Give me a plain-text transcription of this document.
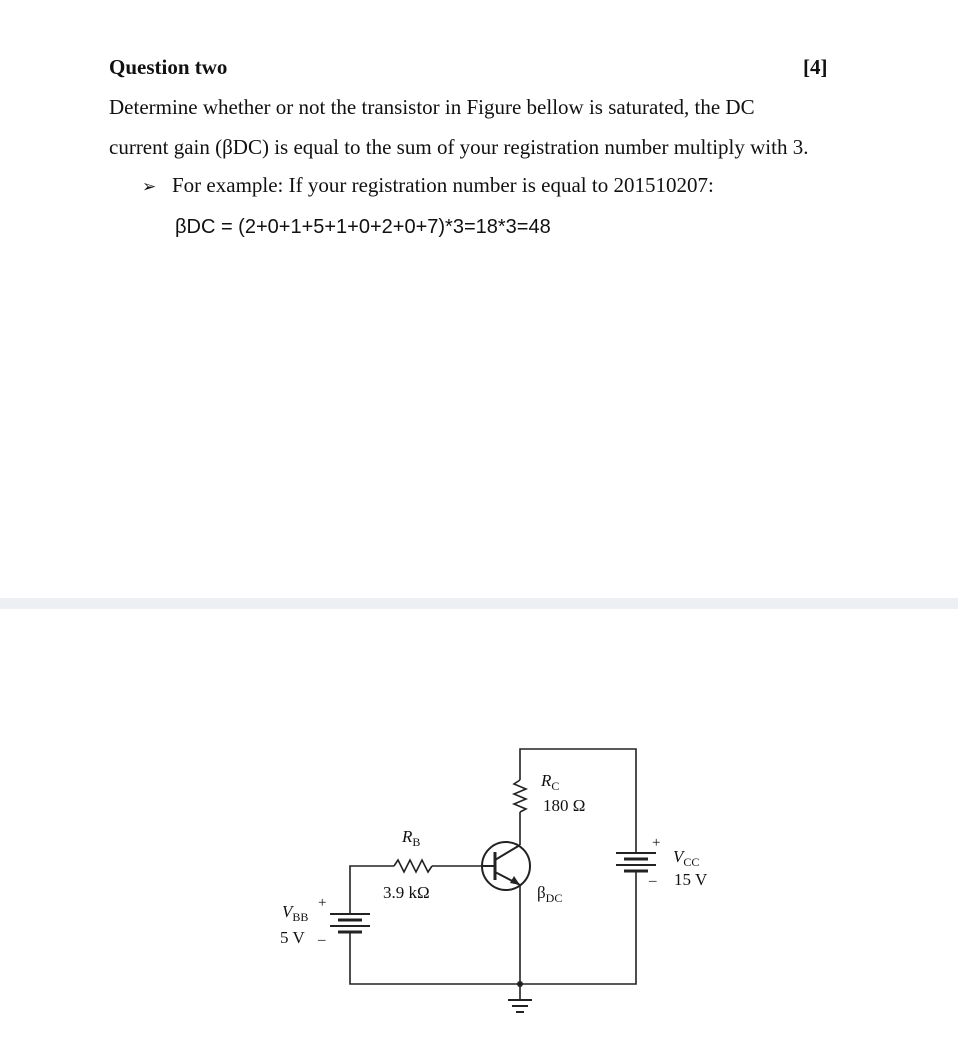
Question two	[4]
Determine whether or not the transistor in Figure bellow is saturated, the DC
current gain (βDC) is equal to the sum of your registration number multiply with 3.
➢ For example: If your registration number is equal to 201510207:
βDC = (2+0+1+5+1+0+2+0+7)*3=18*3=48
$R_C$
180 Ω
$R_B$
3.9 kΩ	$\beta_{DC}$
+
–
$V_{CC}$
15 V
+
–
$V_{BB}$
5 V
